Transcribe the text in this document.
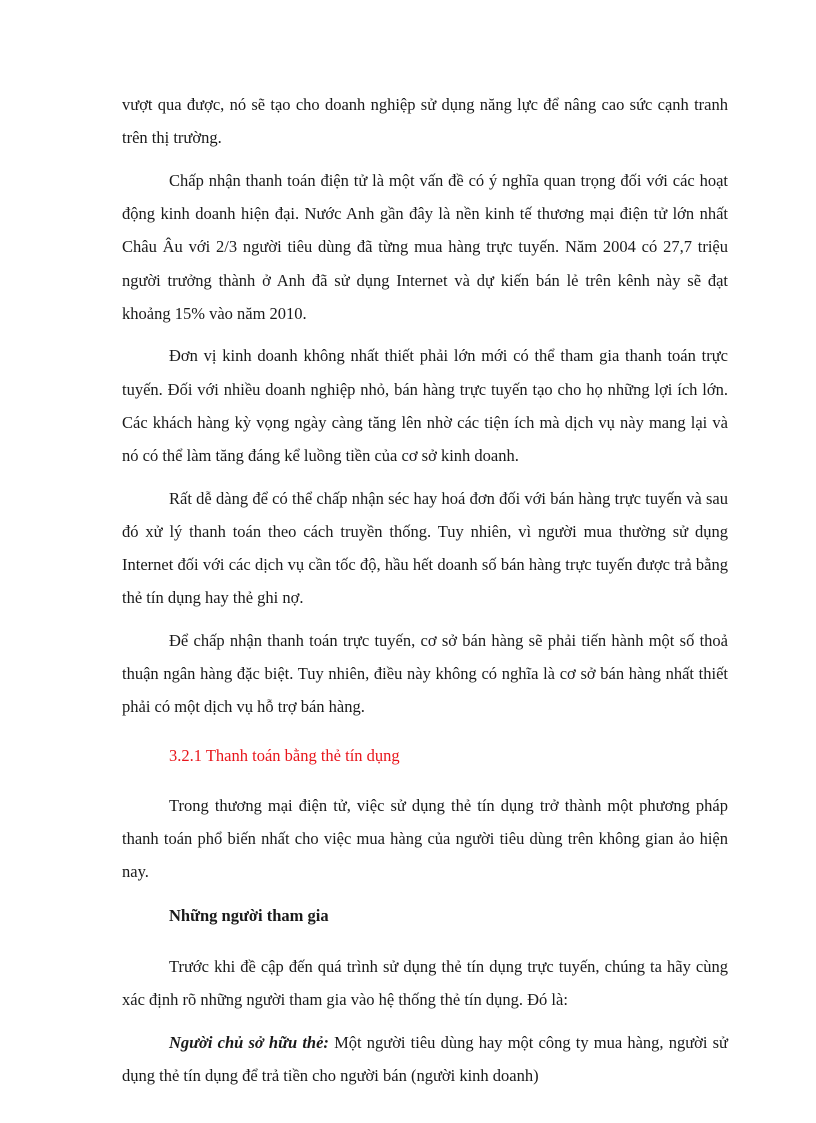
vượt qua được, nó sẽ tạo cho doanh nghiệp sử dụng năng lực để nâng cao sức cạnh tranh trên thị trường.

Chấp nhận thanh toán điện tử là một vấn đề có ý nghĩa quan trọng đối với các hoạt động kinh doanh hiện đại. Nước Anh gần đây là nền kinh tế thương mại điện tử lớn nhất Châu Âu với 2/3 người tiêu dùng đã từng mua hàng trực tuyến. Năm 2004 có 27,7 triệu người trưởng thành ở Anh đã sử dụng Internet và dự kiến bán lẻ trên kênh này sẽ đạt khoảng 15% vào năm 2010.

Đơn vị kinh doanh không nhất thiết phải lớn mới có thể tham gia thanh toán trực tuyến. Đối với nhiều doanh nghiệp nhỏ, bán hàng trực tuyến tạo cho họ những lợi ích lớn. Các khách hàng kỳ vọng ngày càng tăng lên nhờ các tiện ích mà dịch vụ này mang lại và nó có thể làm tăng đáng kể luồng tiền của cơ sở kinh doanh.

Rất dễ dàng để có thể chấp nhận séc hay hoá đơn đối với bán hàng trực tuyến và sau đó xử lý thanh toán theo cách truyền thống. Tuy nhiên, vì người mua thường sử dụng Internet đối với các dịch vụ cần tốc độ, hầu hết doanh số bán hàng trực tuyến được trả bằng thẻ tín dụng hay thẻ ghi nợ.

Để chấp nhận thanh toán trực tuyến, cơ sở bán hàng sẽ phải tiến hành một số thoả thuận ngân hàng đặc biệt. Tuy nhiên, điều này không có nghĩa là cơ sở bán hàng nhất thiết phải có một dịch vụ hỗ trợ bán hàng.

3.2.1 Thanh toán bằng thẻ tín dụng

Trong thương mại điện tử, việc sử dụng thẻ tín dụng trở thành một phương pháp thanh toán phổ biến nhất cho việc mua hàng của người tiêu dùng trên không gian ảo hiện nay.

Những người tham gia

Trước khi đề cập đến quá trình sử dụng thẻ tín dụng trực tuyến, chúng ta hãy cùng xác định rõ những người tham gia vào hệ thống thẻ tín dụng. Đó là:

Người chủ sở hữu thẻ: Một người tiêu dùng hay một công ty mua hàng, người sử dụng thẻ tín dụng để trả tiền cho người bán (người kinh doanh)
